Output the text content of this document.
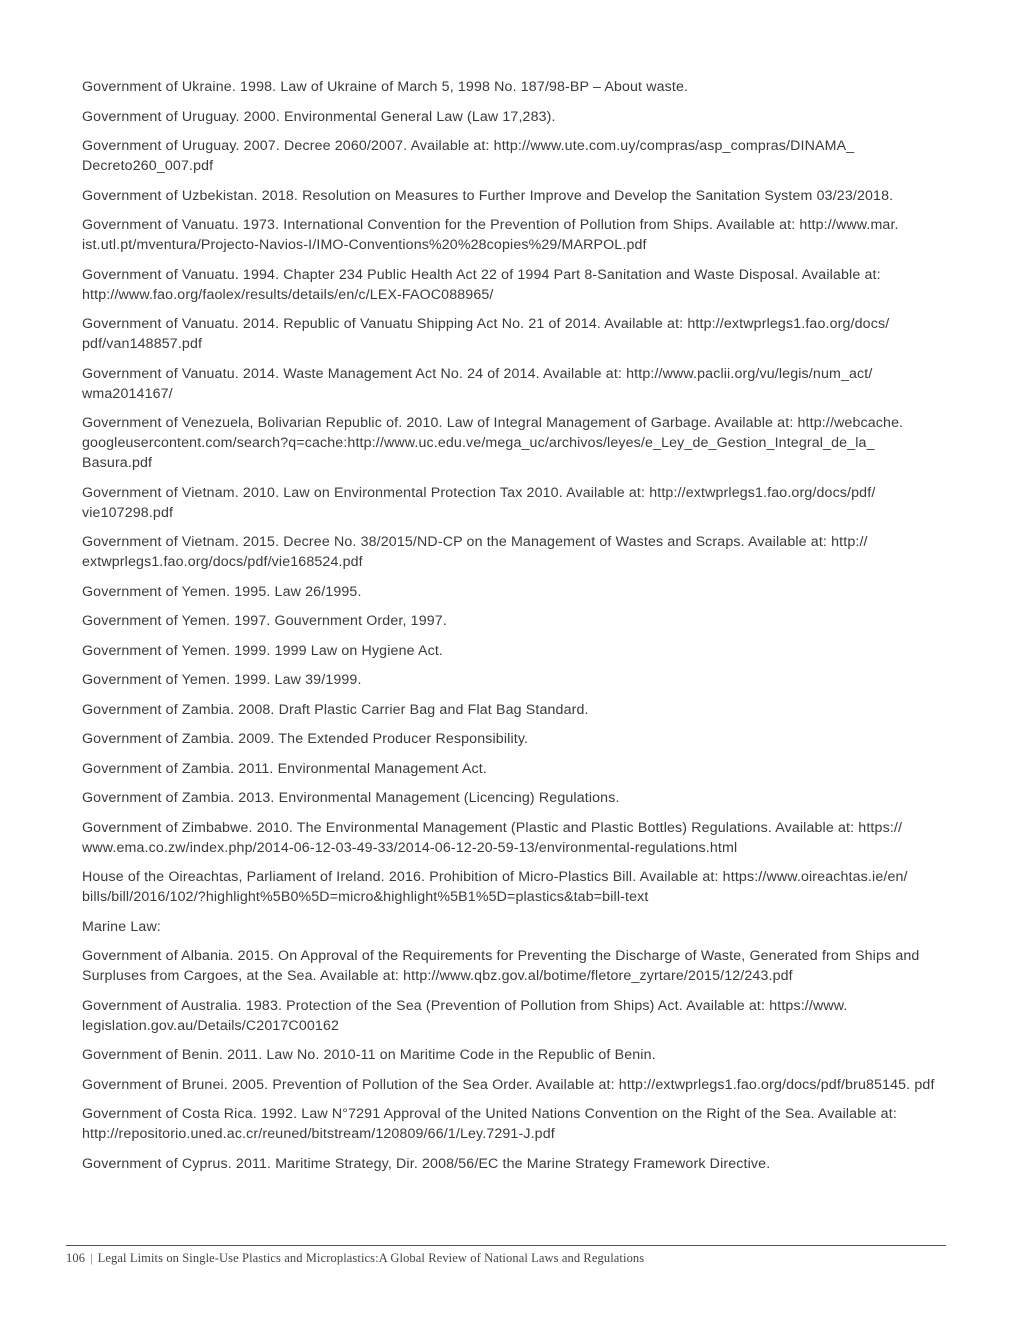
Government of Ukraine. 1998. Law of Ukraine of March 5, 1998 No. 187/98-BP – About waste.

Government of Uruguay. 2000. Environmental General Law (Law 17,283).

Government of Uruguay. 2007. Decree 2060/2007. Available at: http://www.ute.com.uy/compras/asp_compras/DINAMA_ Decreto260_007.pdf

Government of Uzbekistan. 2018. Resolution on Measures to Further Improve and Develop the Sanitation System 03/23/2018.

Government of Vanuatu. 1973. International Convention for the Prevention of Pollution from Ships. Available at: http://www.mar. ist.utl.pt/mventura/Projecto-Navios-I/IMO-Conventions%20%28copies%29/MARPOL.pdf

Government of Vanuatu. 1994. Chapter 234 Public Health Act 22 of 1994 Part 8-Sanitation and Waste Disposal. Available at: http://www.fao.org/faolex/results/details/en/c/LEX-FAOC088965/

Government of Vanuatu. 2014. Republic of Vanuatu Shipping Act No. 21 of 2014. Available at: http://extwprlegs1.fao.org/docs/ pdf/van148857.pdf

Government of Vanuatu. 2014. Waste Management Act No. 24 of 2014. Available at: http://www.paclii.org/vu/legis/num_act/ wma2014167/

Government of Venezuela, Bolivarian Republic of. 2010. Law of Integral Management of Garbage. Available at: http://webcache. googleusercontent.com/search?q=cache:http://www.uc.edu.ve/mega_uc/archivos/leyes/e_Ley_de_Gestion_Integral_de_la_ Basura.pdf

Government of Vietnam. 2010. Law on Environmental Protection Tax 2010. Available at: http://extwprlegs1.fao.org/docs/pdf/ vie107298.pdf

Government of Vietnam. 2015. Decree No. 38/2015/ND-CP on the Management of Wastes and Scraps. Available at: http:// extwprlegs1.fao.org/docs/pdf/vie168524.pdf

Government of Yemen. 1995. Law 26/1995.

Government of Yemen. 1997. Gouvernment Order, 1997.

Government of Yemen. 1999. 1999 Law on Hygiene Act.

Government of Yemen. 1999. Law 39/1999.

Government of Zambia. 2008. Draft Plastic Carrier Bag and Flat Bag Standard.

Government of Zambia. 2009. The Extended Producer Responsibility.

Government of Zambia. 2011. Environmental Management Act.

Government of Zambia. 2013. Environmental Management (Licencing) Regulations.

Government of Zimbabwe. 2010. The Environmental Management (Plastic and Plastic Bottles) Regulations. Available at: https:// www.ema.co.zw/index.php/2014-06-12-03-49-33/2014-06-12-20-59-13/environmental-regulations.html

House of the Oireachtas, Parliament of Ireland. 2016. Prohibition of Micro-Plastics Bill. Available at: https://www.oireachtas.ie/en/ bills/bill/2016/102/?highlight%5B0%5D=micro&highlight%5B1%5D=plastics&tab=bill-text

Marine Law:

Government of Albania. 2015. On Approval of the Requirements for Preventing the Discharge of Waste, Generated from Ships and Surpluses from Cargoes, at the Sea. Available at: http://www.qbz.gov.al/botime/fletore_zyrtare/2015/12/243.pdf

Government of Australia. 1983. Protection of the Sea (Prevention of Pollution from Ships) Act. Available at: https://www. legislation.gov.au/Details/C2017C00162

Government of Benin. 2011. Law No. 2010-11 on Maritime Code in the Republic of Benin.

Government of Brunei. 2005. Prevention of Pollution of the Sea Order. Available at: http://extwprlegs1.fao.org/docs/pdf/bru85145. pdf

Government of Costa Rica. 1992. Law N°7291 Approval of the United Nations Convention on the Right of the Sea. Available at: http://repositorio.uned.ac.cr/reuned/bitstream/120809/66/1/Ley.7291-J.pdf

Government of Cyprus. 2011. Maritime Strategy, Dir. 2008/56/EC the Marine Strategy Framework Directive.

106 | Legal Limits on Single-Use Plastics and Microplastics:A Global Review of National Laws and Regulations
